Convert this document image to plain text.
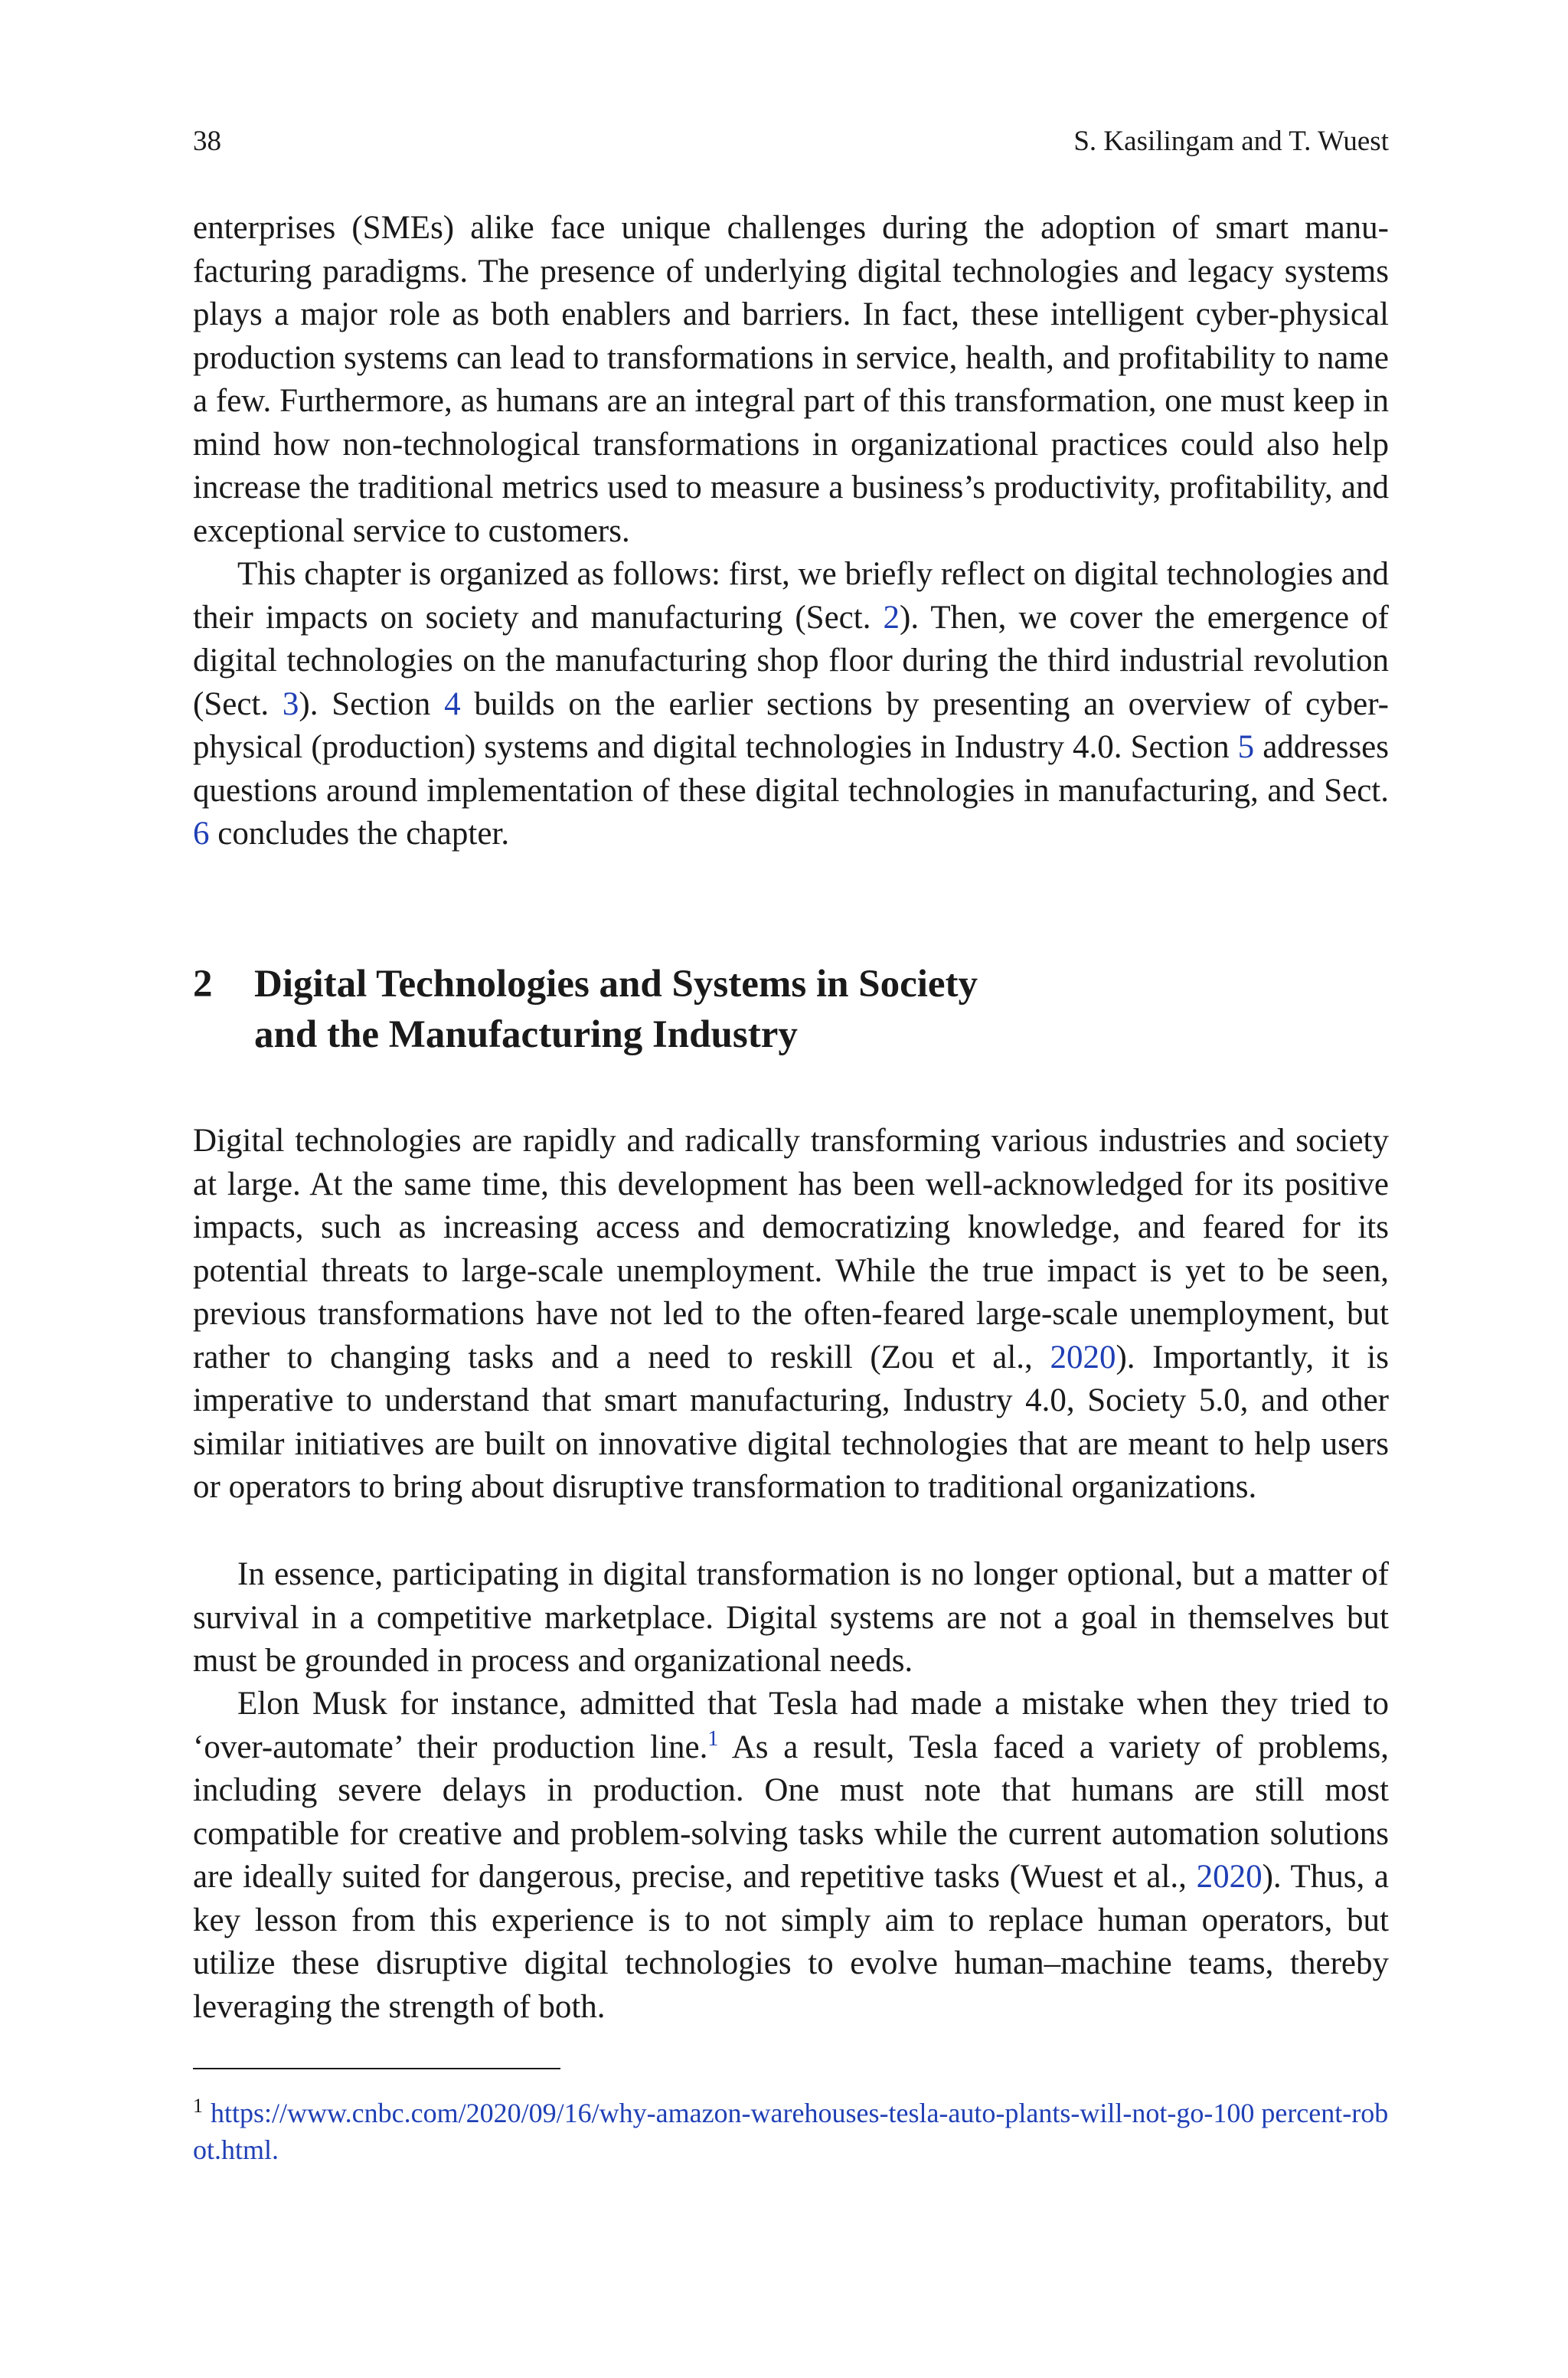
38	S. Kasilingam and T. Wuest

enterprises (SMEs) alike face unique challenges during the adoption of smart manufacturing paradigms. The presence of underlying digital technologies and legacy systems plays a major role as both enablers and barriers. In fact, these intelligent cyber-physical production systems can lead to transformations in service, health, and profitability to name a few. Furthermore, as humans are an integral part of this transformation, one must keep in mind how non-technological transformations in organizational practices could also help increase the traditional metrics used to measure a business’s productivity, profitability, and exceptional service to customers.

This chapter is organized as follows: first, we briefly reflect on digital technologies and their impacts on society and manufacturing (Sect. 2). Then, we cover the emergence of digital technologies on the manufacturing shop floor during the third industrial revolution (Sect. 3). Section 4 builds on the earlier sections by presenting an overview of cyber-physical (production) systems and digital technologies in Industry 4.0. Section 5 addresses questions around implementation of these digital technologies in manufacturing, and Sect. 6 concludes the chapter.

2 Digital Technologies and Systems in Society
and the Manufacturing Industry

Digital technologies are rapidly and radically transforming various industries and society at large. At the same time, this development has been well-acknowledged for its positive impacts, such as increasing access and democratizing knowledge, and feared for its potential threats to large-scale unemployment. While the true impact is yet to be seen, previous transformations have not led to the often-feared large-scale unemployment, but rather to changing tasks and a need to reskill (Zou et al., 2020). Importantly, it is imperative to understand that smart manufacturing, Industry 4.0, Society 5.0, and other similar initiatives are built on innovative digital technologies that are meant to help users or operators to bring about disruptive transformation to traditional organizations.

In essence, participating in digital transformation is no longer optional, but a matter of survival in a competitive marketplace. Digital systems are not a goal in themselves but must be grounded in process and organizational needs.

Elon Musk for instance, admitted that Tesla had made a mistake when they tried to ‘over-automate’ their production line.$^1$ As a result, Tesla faced a variety of problems, including severe delays in production. One must note that humans are still most compatible for creative and problem-solving tasks while the current automation solutions are ideally suited for dangerous, precise, and repetitive tasks (Wuest et al., 2020). Thus, a key lesson from this experience is to not simply aim to replace human operators, but utilize these disruptive digital technologies to evolve human–machine teams, thereby leveraging the strength of both.

$^1$ https://www.cnbc.com/2020/09/16/why-amazon-warehouses-tesla-auto-plants-will-not-go-100 percent-robot.html.
